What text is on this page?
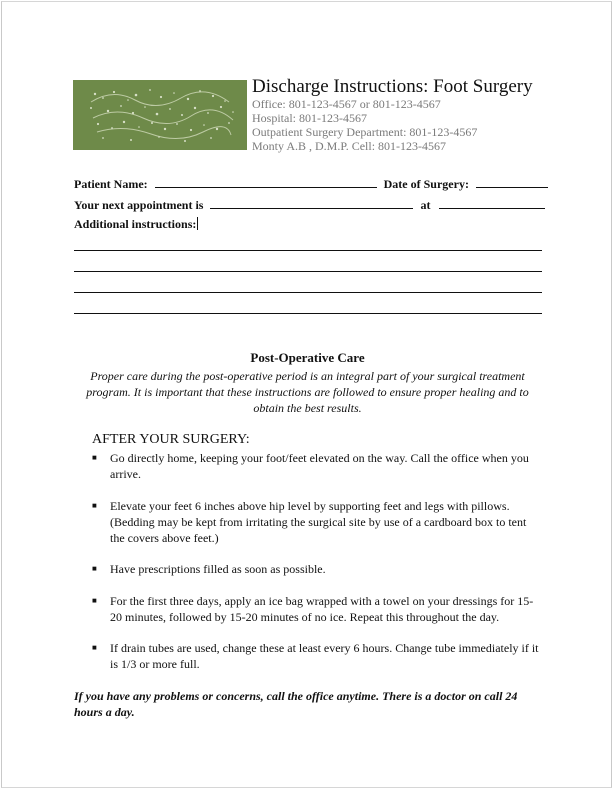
Discharge Instructions: Foot Surgery
Office: 801-123-4567 or 801-123-4567
Hospital: 801-123-4567
Outpatient Surgery Department: 801-123-4567
Monty A.B , D.M.P. Cell: 801-123-4567
Patient Name:	Date of Surgery:
Your next appointment is	at
Additional instructions:
Post-Operative Care
Proper care during the post-operative period is an integral part of your surgical treatment program. It is important that these instructions are followed to ensure proper healing and to obtain the best results.
AFTER YOUR SURGERY:
■ Go directly home, keeping your foot/feet elevated on the way. Call the office when you arrive.
■ Elevate your feet 6 inches above hip level by supporting feet and legs with pillows. (Bedding may be kept from irritating the surgical site by use of a cardboard box to tent the covers above feet.)
■ Have prescriptions filled as soon as possible.
■ For the first three days, apply an ice bag wrapped with a towel on your dressings for 15-20 minutes, followed by 15-20 minutes of no ice. Repeat this throughout the day.
■ If drain tubes are used, change these at least every 6 hours. Change tube immediately if it is 1/3 or more full.
If you have any problems or concerns, call the office anytime. There is a doctor on call 24 hours a day.
